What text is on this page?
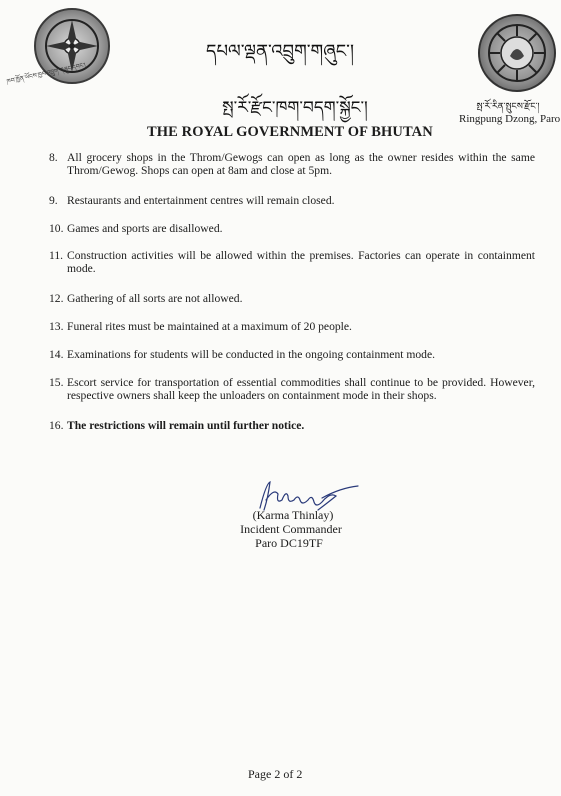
ཁབ་ཁྱོན་ཡོངས་ཁྱབ་འབྲུག་གཞུང་དབང་།
དཔལ་ལྡན་འབྲུག་གཞུང་།
སྤ་རོ་རྫོང་ཁག་བདག་སྐྱོང་།	སྤ་རོ་རིན་སྤུངས་རྫོང་།
Ringpung Dzong, Paro
THE ROYAL GOVERNMENT OF BHUTAN
8. All grocery shops in the Throm/Gewogs can open as long as the owner resides within the same Throm/Gewog. Shops can open at 8am and close at 5pm.
9. Restaurants and entertainment centres will remain closed.
10. Games and sports are disallowed.
11. Construction activities will be allowed within the premises. Factories can operate in containment mode.
12. Gathering of all sorts are not allowed.
13. Funeral rites must be maintained at a maximum of 20 people.
14. Examinations for students will be conducted in the ongoing containment mode.
15. Escort service for transportation of essential commodities shall continue to be provided. However, respective owners shall keep the unloaders on containment mode in their shops.
16. The restrictions will remain until further notice.
(Karma Thinlay)
Incident Commander
Paro DC19TF
Page 2 of 2
